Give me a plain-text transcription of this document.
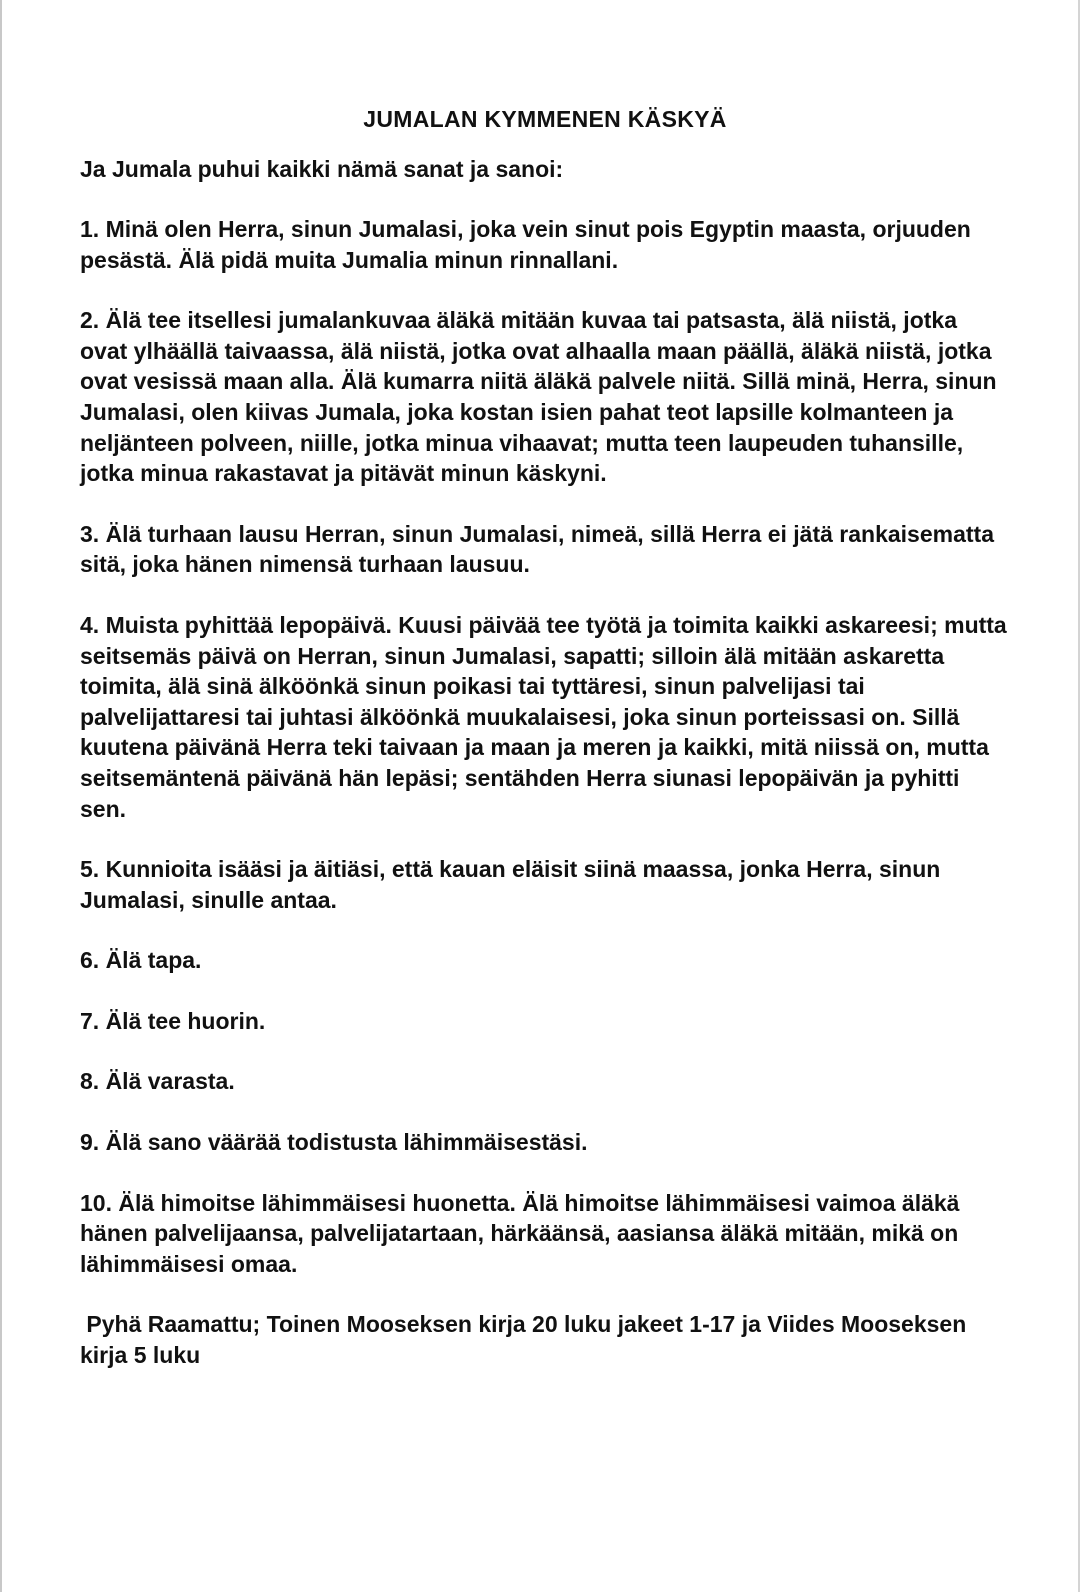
JUMALAN KYMMENEN KÄSKYÄ
Ja Jumala puhui kaikki nämä sanat ja sanoi:
1. Minä olen Herra, sinun Jumalasi, joka vein sinut pois Egyptin maasta, orjuuden pesästä. Älä pidä muita Jumalia minun rinnallani.
2. Älä tee itsellesi jumalankuvaa äläkä mitään kuvaa tai patsasta, älä niistä, jotka ovat ylhäällä taivaassa, älä niistä, jotka ovat alhaalla maan päällä, äläkä niistä, jotka ovat vesissä maan alla. Älä kumarra niitä äläkä palvele niitä. Sillä minä, Herra, sinun Jumalasi, olen kiivas Jumala, joka kostan isien pahat teot lapsille kolmanteen ja neljänteen polveen, niille, jotka minua vihaavat; mutta teen laupeuden tuhansille, jotka minua rakastavat ja pitävät minun käskyni.
3. Älä turhaan lausu Herran, sinun Jumalasi, nimeä, sillä Herra ei jätä rankaisematta sitä, joka hänen nimensä turhaan lausuu.
4. Muista pyhittää lepopäivä. Kuusi päivää tee työtä ja toimita kaikki askareesi; mutta seitsemäs päivä on Herran, sinun Jumalasi, sapatti; silloin älä mitään askaretta toimita, älä sinä älköönkä sinun poikasi tai tyttäresi, sinun palvelijasi tai palvelijattaresi tai juhtasi älköönkä muukalaisesi, joka sinun porteissasi on. Sillä kuutena päivänä Herra teki taivaan ja maan ja meren ja kaikki, mitä niissä on, mutta seitsemäntenä päivänä hän lepäsi; sentähden Herra siunasi lepopäivän ja pyhitti sen.
5. Kunnioita isääsi ja äitiäsi, että kauan eläisit siinä maassa, jonka Herra, sinun Jumalasi, sinulle antaa.
6. Älä tapa.
7. Älä tee huorin.
8. Älä varasta.
9. Älä sano väärää todistusta lähimmäisestäsi.
10. Älä himoitse lähimmäisesi huonetta. Älä himoitse lähimmäisesi vaimoa äläkä hänen palvelijaansa, palvelijatartaan, härkäänsä, aasiansa äläkä mitään, mikä on lähimmäisesi omaa.
Pyhä Raamattu; Toinen Mooseksen kirja 20 luku jakeet 1-17 ja Viides Mooseksen kirja 5 luku
